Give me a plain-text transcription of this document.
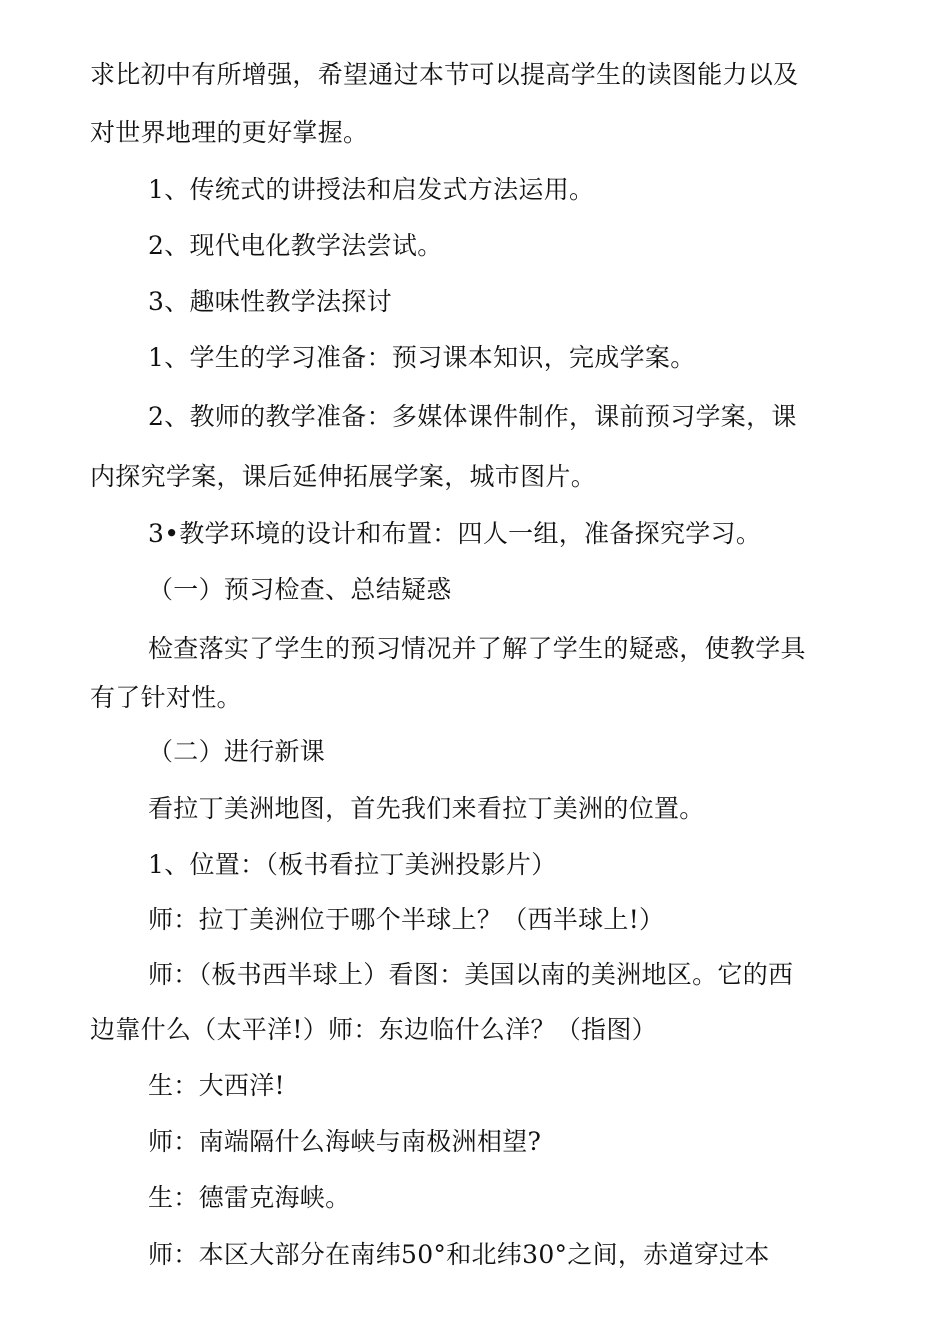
求比初中有所增强，希望通过本节可以提高学生的读图能力以及
对世界地理的更好掌握。
1、传统式的讲授法和启发式方法运用。
2、现代电化教学法尝试。
3、趣味性教学法探讨
1、学生的学习准备：预习课本知识，完成学案。
2、教师的教学准备：多媒体课件制作，课前预习学案，课
内探究学案，课后延伸拓展学案，城市图片。
3•教学环境的设计和布置：四人一组，准备探究学习。
（一）预习检查、总结疑惑
检查落实了学生的预习情况并了解了学生的疑惑，使教学具
有了针对性。
（二）进行新课
看拉丁美洲地图，首先我们来看拉丁美洲的位置。
1、位置：（板书看拉丁美洲投影片）
师：拉丁美洲位于哪个半球上？（西半球上!）
师：（板书西半球上）看图：美国以南的美洲地区。它的西
边靠什么（太平洋!）师：东边临什么洋？（指图）
生：大西洋!
师：南端隔什么海峡与南极洲相望?
生：德雷克海峡。
师：本区大部分在南纬50°和北纬30°之间，赤道穿过本
